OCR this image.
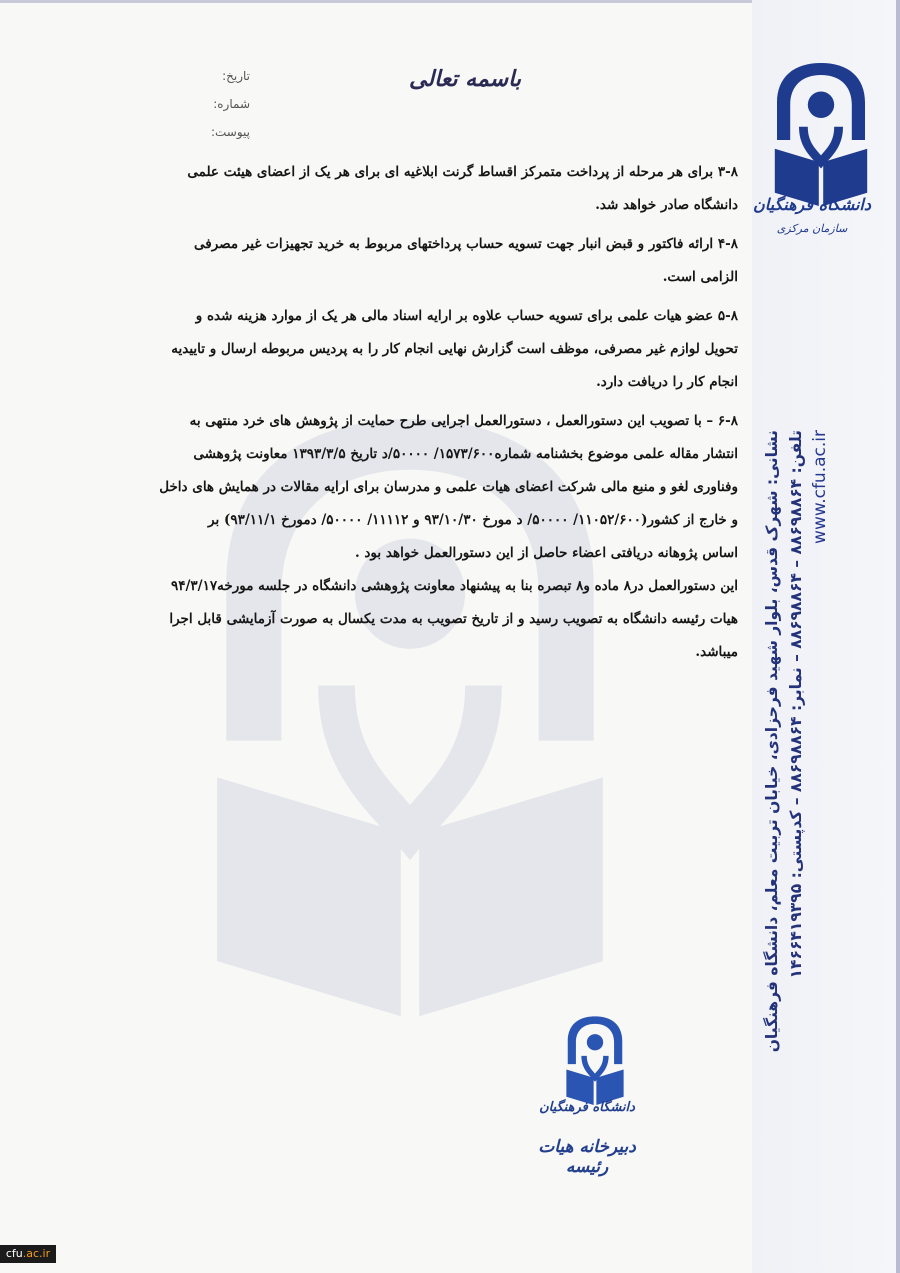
دانشگاه فرهنگیان
سازمان مرکزی
نشانی: شهرک قدس، بلوار شهید فرحزادی، خیابان تربیت معلم، دانشگاه فرهنگیان تلفن: ۸۸۶۹۸۸۶۴ – ۸۸۶۹۸۸۶۴ – نمابر: ۸۸۶۹۸۸۶۴ – کدپستی: ۱۴۶۶۴۱۹۳۹۵ www.cfu.ac.ir
باسمه تعالی
تاریخ:
شماره:
پیوست:
۳-۸ برای هر مرحله از پرداخت متمرکز اقساط گرنت ابلاغیه ای برای هر یک از اعضای هیئت علمی
دانشگاه صادر خواهد شد.
۴-۸ ارائه فاکتور و قبض انبار جهت تسویه حساب پرداختهای مربوط به خرید تجهیزات غیر مصرفی
الزامی است.
۵-۸ عضو هیات علمی برای تسویه حساب علاوه بر ارایه اسناد مالی هر یک از موارد هزینه شده و
تحویل لوازم غیر مصرفی، موظف است گزارش نهایی انجام کار را به پردیس مربوطه ارسال و تاییدیه
انجام کار را دریافت دارد.
۶-۸ – با تصویب این دستورالعمل ، دستورالعمل اجرایی طرح حمایت از پژوهش های خرد منتهی به
انتشار مقاله علمی موضوع بخشنامه شماره۱۵۷۳/۶۰۰/ ۵۰۰۰۰/د تاریخ ۱۳۹۳/۳/۵ معاونت پژوهشی
وفناوری لغو و منبع مالی شرکت اعضای هیات علمی و مدرسان برای ارایه مقالات در همایش های داخل
و خارج از کشور(۱۱۰۵۲/۶۰۰/ ۵۰۰۰۰/ د مورخ ۹۳/۱۰/۳۰ و ۱۱۱۱۲/ ۵۰۰۰۰/ دمورخ ۹۳/۱۱/۱) بر
اساس پژوهانه دریافتی اعضاء حاصل از این دستورالعمل خواهد بود .
این دستورالعمل در۸ ماده و۸ تبصره بنا به پیشنهاد معاونت پژوهشی دانشگاه در جلسه مورخه۹۴/۳/۱۷
هیات رئیسه دانشگاه به تصویب رسید و از تاریخ تصویب به مدت یکسال به صورت آزمایشی قابل اجرا
میباشد.
دانشگاه فرهنگیان
دبیرخانه هیات رئیسه
cfu.ac.ir
